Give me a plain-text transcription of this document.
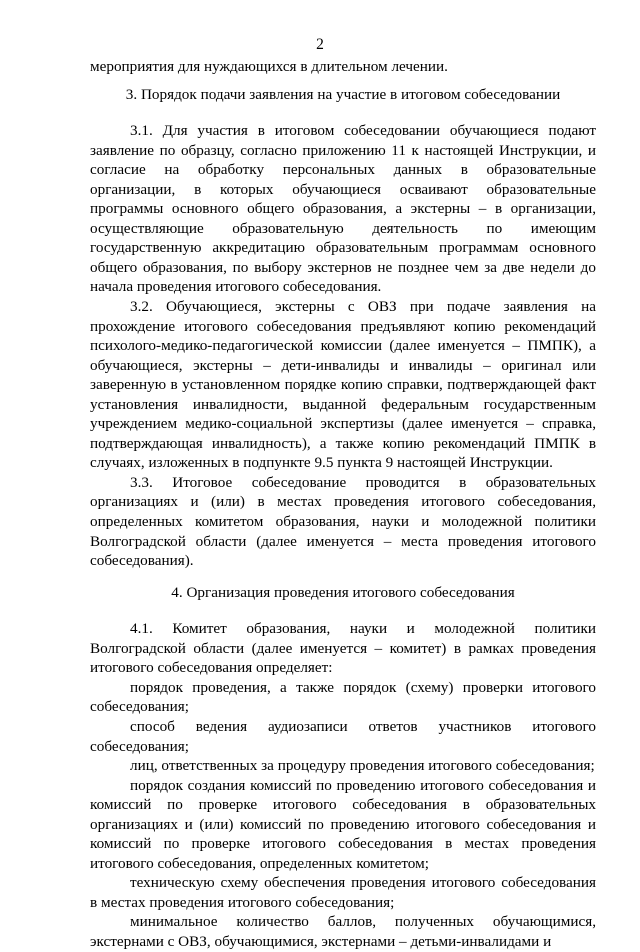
2

мероприятия для нуждающихся в длительном лечении.

3. Порядок подачи заявления на участие в итоговом собеседовании

3.1. Для участия в итоговом собеседовании обучающиеся подают заявление по образцу, согласно приложению 11 к настоящей Инструкции, и согласие на обработку персональных данных в образовательные организации, в которых обучающиеся осваивают образовательные программы основного общего образования, а экстерны – в организации, осуществляющие образовательную деятельность по имеющим государственную аккредитацию образовательным программам основного общего образования, по выбору экстернов не позднее чем за две недели до начала проведения итогового собеседования.

3.2. Обучающиеся, экстерны с ОВЗ при подаче заявления на прохождение итогового собеседования предъявляют копию рекомендаций психолого-медико-педагогической комиссии (далее именуется – ПМПК), а обучающиеся, экстерны – дети-инвалиды и инвалиды – оригинал или заверенную в установленном порядке копию справки, подтверждающей факт установления инвалидности, выданной федеральным государственным учреждением медико-социальной экспертизы (далее именуется – справка, подтверждающая инвалидность), а также копию рекомендаций ПМПК в случаях, изложенных в подпункте 9.5 пункта 9 настоящей Инструкции.

3.3. Итоговое собеседование проводится в образовательных организациях и (или) в местах проведения итогового собеседования, определенных комитетом образования, науки и молодежной политики Волгоградской области (далее именуется – места проведения итогового собеседования).

4. Организация проведения итогового собеседования

4.1. Комитет образования, науки и молодежной политики Волгоградской области (далее именуется – комитет) в рамках проведения итогового собеседования определяет:

порядок проведения, а также порядок (схему) проверки итогового собеседования;

способ ведения аудиозаписи ответов участников итогового собеседования;

лиц, ответственных за процедуру проведения итогового собеседования;

порядок создания комиссий по проведению итогового собеседования и комиссий по проверке итогового собеседования в образовательных организациях и (или) комиссий по проведению итогового собеседования и комиссий по проверке итогового собеседования в местах проведения итогового собеседования, определенных комитетом;

техническую схему обеспечения проведения итогового собеседования в местах проведения итогового собеседования;

минимальное количество баллов, полученных обучающимися, экстернами с ОВЗ, обучающимися, экстернами – детьми-инвалидами и
